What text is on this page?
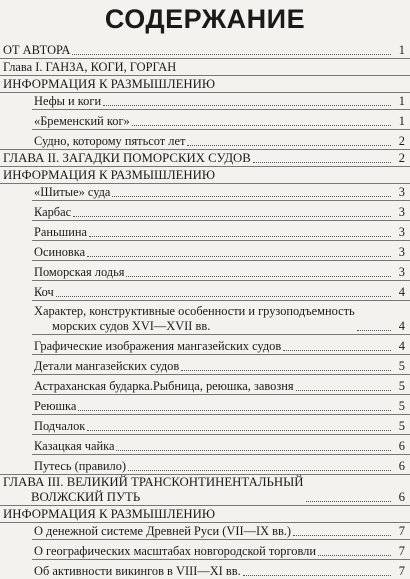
СОДЕРЖАНИЕ
ОТ АВТОРА	1
Глава I. ГАНЗА, КОГИ, ГОРГАН
ИНФОРМАЦИЯ К РАЗМЫШЛЕНИЮ
Нефы и коги	1
«Бременский ког»	1
Судно, которому пятьсот лет	2
ГЛАВА II. ЗАГАДКИ ПОМОРСКИХ СУДОВ	2
ИНФОРМАЦИЯ К РАЗМЫШЛЕНИЮ
«Шитые» суда	3
Карбас	3
Раньшина	3
Осиновка	3
Поморская лодья	3
Коч	4
Характер, конструктивные особенности и грузоподъемность
морских судов XVI—XVII вв.	4
Графические изображения мангазейских судов	4
Детали мангазейских судов	5
Астраханская бударка.Рыбница, реюшка, завозня	5
Реюшка	5
Подчалок	5
Казацкая чайка	6
Путесь (правило)	6
ГЛАВА III. ВЕЛИКИЙ ТРАНСКОНТИНЕНТАЛЬНЫЙ
ВОЛЖСКИЙ ПУТЬ	6
ИНФОРМАЦИЯ К РАЗМЫШЛЕНИЮ
О денежной системе Древней Руси (VII—IX вв.)	7
О географических масштабах новгородской торговли	7
Об активности викингов в VIII—XI вв.	7
